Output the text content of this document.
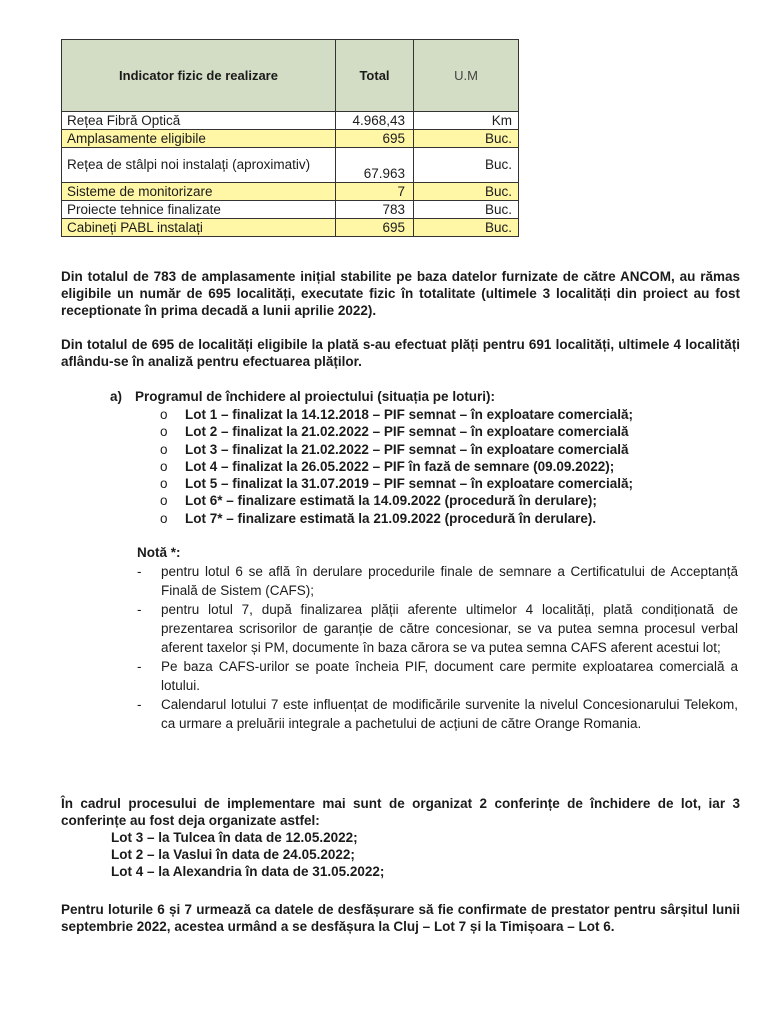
Indicator fizic de realizare	Total	U.M
Rețea Fibră Optică	4.968,43	Km
Amplasamente eligibile	695	Buc.
Rețea de stâlpi noi instalați (aproximativ)	67.963	Buc.
Sisteme de monitorizare	7	Buc.
Proiecte tehnice finalizate	783	Buc.
Cabineți PABL instalați	695	Buc.
Din totalul de 783 de amplasamente inițial stabilite pe baza datelor furnizate de către ANCOM, au rămas eligibile un număr de 695 localități, executate fizic în totalitate (ultimele 3 localități din proiect au fost receptionate în prima decadă a lunii aprilie 2022).
Din totalul de 695 de localități eligibile la plată s-au efectuat plăți pentru 691 localități, ultimele 4 localități aflându-se în analiză pentru efectuarea plăților.
a) Programul de închidere al proiectului (situația pe loturi):
o	Lot 1 – finalizat la 14.12.2018 – PIF semnat – în exploatare comercială;
o	Lot 2 – finalizat la 21.02.2022 – PIF semnat – în exploatare comercială
o	Lot 3 – finalizat la 21.02.2022 – PIF semnat – în exploatare comercială
o	Lot 4 – finalizat la 26.05.2022 – PIF în fază de semnare (09.09.2022);
o	Lot 5 – finalizat la 31.07.2019 – PIF semnat – în exploatare comercială;
o	Lot 6* – finalizare estimată la 14.09.2022 (procedură în derulare);
o	Lot 7* – finalizare estimată la 21.09.2022 (procedură în derulare).
Notă *:
-	pentru lotul 6 se află în derulare procedurile finale de semnare a Certificatului de Acceptanță Finală de Sistem (CAFS);
-	pentru lotul 7, după finalizarea plății aferente ultimelor 4 localități, plată condiționată de prezentarea scrisorilor de garanție de către concesionar, se va putea semna procesul verbal aferent taxelor și PM, documente în baza cărora se va putea semna CAFS aferent acestui lot;
-	Pe baza CAFS-urilor se poate încheia PIF, document care permite exploatarea comercială a lotului.
-	Calendarul lotului 7 este influențat de modificările survenite la nivelul Concesionarului Telekom, ca urmare a preluării integrale a pachetului de acțiuni de către Orange Romania.
În cadrul procesului de implementare mai sunt de organizat 2 conferințe de închidere de lot, iar 3 conferințe au fost deja organizate astfel:
Lot 3 – la Tulcea în data de 12.05.2022;
Lot 2 – la Vaslui în data de 24.05.2022;
Lot 4 – la Alexandria în data de 31.05.2022;
Pentru loturile 6 și 7 urmează ca datele de desfășurare să fie confirmate de prestator pentru sârșitul lunii septembrie 2022, acestea urmând a se desfășura la Cluj – Lot 7 și la Timișoara – Lot 6.
